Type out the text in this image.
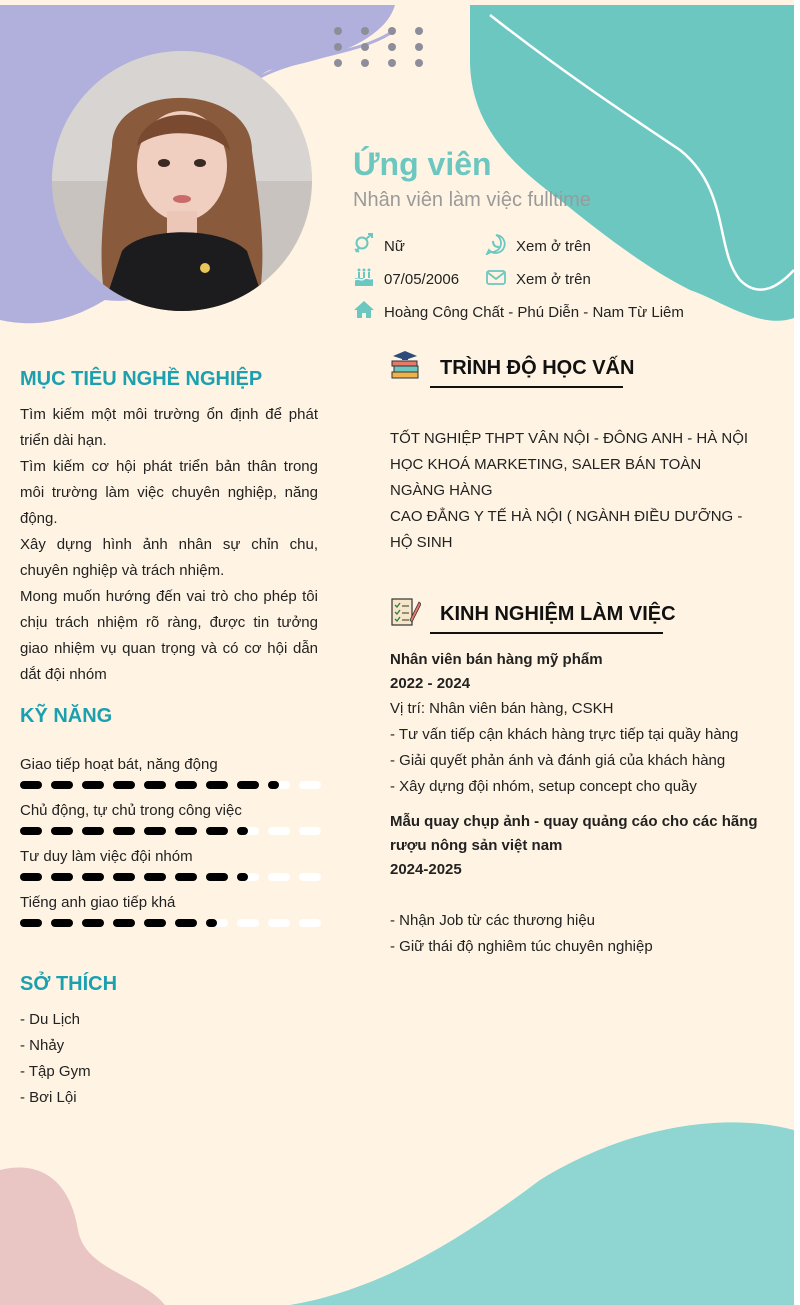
Ứng viên
Nhân viên làm việc fulltime
Nữ	Xem ở trên
07/05/2006	Xem ở trên
Hoàng Công Chất - Phú Diễn - Nam Từ Liêm
MỤC TIÊU NGHỀ NGHIỆP

Tìm kiếm một môi trường ổn định để phát triển dài hạn.

Tìm kiếm cơ hội phát triển bản thân trong môi trường làm việc chuyên nghiệp, năng động.

Xây dựng hình ảnh nhân sự chỉn chu, chuyên nghiệp và trách nhiệm.

Mong muốn hướng đến vai trò cho phép tôi chịu trách nhiệm rõ ràng, được tin tưởng giao nhiệm vụ quan trọng và có cơ hội dẫn dắt đội nhóm

KỸ NĂNG
Giao tiếp hoạt bát, năng động
Chủ động, tự chủ trong công việc
Tư duy làm việc đội nhóm
Tiếng anh giao tiếp khá
SỞ THÍCH
- Du Lịch
- Nhảy
- Tập Gym
- Bơi Lội
TRÌNH ĐỘ HỌC VẤN

TỐT NGHIỆP THPT VÂN NỘI - ĐÔNG ANH - HÀ NỘI

HỌC KHOÁ MARKETING, SALER BÁN TOÀN NGÀNG HÀNG

CAO ĐẲNG Y TẾ HÀ NỘI ( NGÀNH ĐIỀU DƯỠNG - HỘ SINH

KINH NGHIỆM LÀM VIỆC
Nhân viên bán hàng mỹ phẩm
2022 - 2024
Vị trí: Nhân viên bán hàng, CSKH
- Tư vấn tiếp cận khách hàng trực tiếp tại quầy hàng
- Giải quyết phản ánh và đánh giá của khách hàng
- Xây dựng đội nhóm, setup concept cho quầy
Mẫu quay chụp ảnh - quay quảng cáo cho các hãng rượu nông sản việt nam
2024-2025
- Nhận Job từ các thương hiệu
- Giữ thái độ nghiêm túc chuyên nghiệp
